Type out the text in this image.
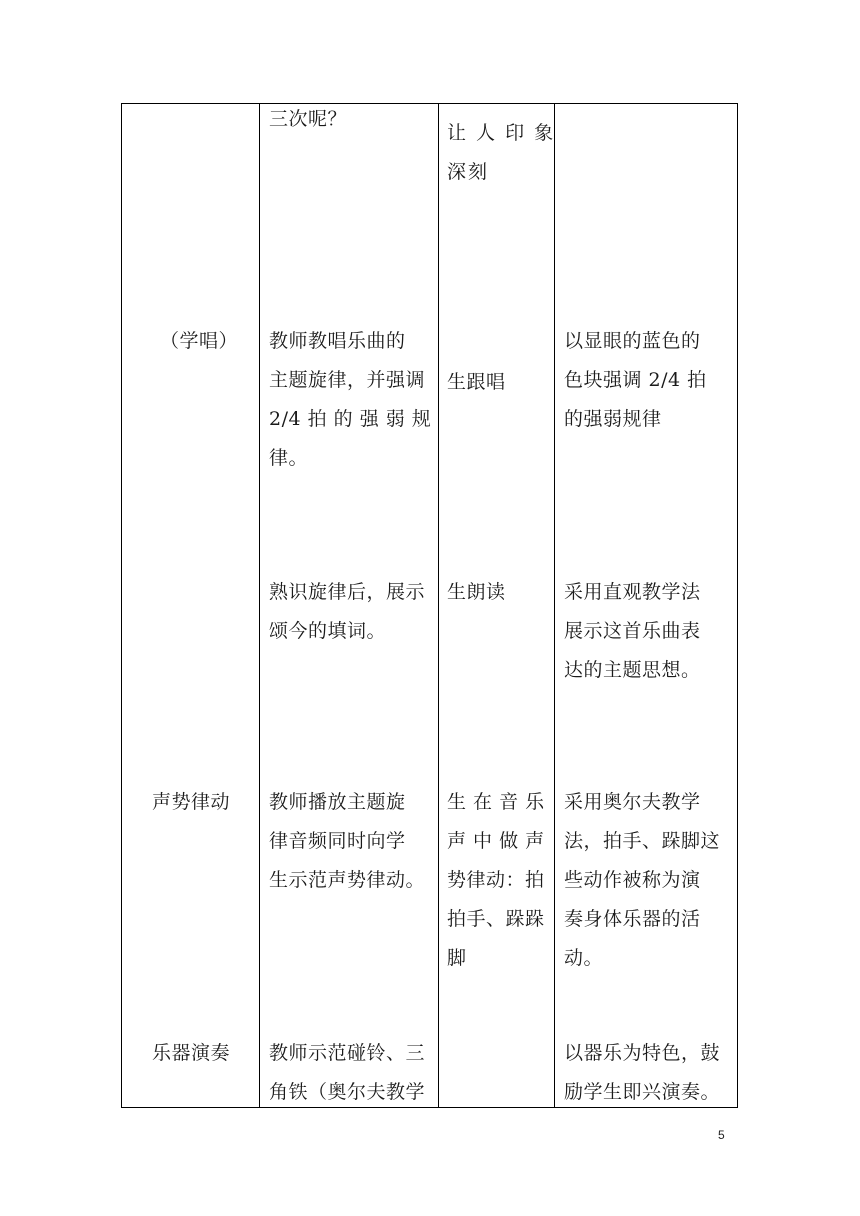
三次呢？
让 人 印 象
深刻
（学唱） 教师教唱乐曲的
主题旋律，并强调
2/4 拍 的 强 弱 规
律。
生跟唱
以显眼的蓝色的
色块强调 2/4 拍
的强弱规律
熟识旋律后，展示
颂今的填词。
生朗读	采用直观教学法
展示这首乐曲表
达的主题思想。
声势律动 教师播放主题旋
律音频同时向学
生示范声势律动。
生 在 音 乐
声 中 做 声
势律动：拍
拍手、跺跺
脚
采用奥尔夫教学
法，拍手、跺脚这
些动作被称为演
奏身体乐器的活
动。
乐器演奏 教师示范碰铃、三
角铁（奥尔夫教学
以器乐为特色，鼓
励学生即兴演奏。
5
